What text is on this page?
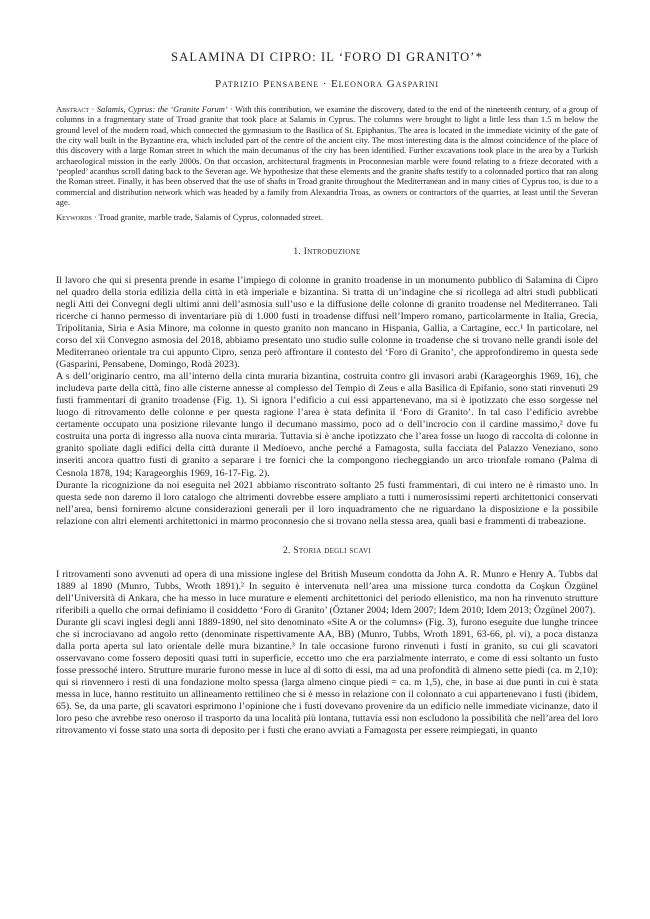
SALAMINA DI CIPRO: IL ‘FORO DI GRANITO’*
Patrizio Pensabene · Eleonora Gasparini
Abstract · Salamis, Cyprus: the ‘Granite Forum’ · With this contribution, we examine the discovery, dated to the end of the nineteenth century, of a group of columns in a fragmentary state of Troad granite that took place at Salamis in Cyprus. The columns were brought to light a little less than 1.5 m below the ground level of the modern road, which connected the gymnasium to the Basilica of St. Epiphanius. The area is located in the immediate vicinity of the gate of the city wall built in the Byzantine era, which included part of the centre of the ancient city. The most interesting data is the almost coincidence of the place of this discovery with a large Roman street in which the main decumanus of the city has been identified. Further excavations took place in the area by a Turkish archaeological mission in the early 2000s. On that occasion, architectural fragments in Proconnesian marble were found relating to a frieze decorated with a ‘peopled’ acanthus scroll dating back to the Severan age. We hypothesize that these elements and the granite shafts testify to a colonnaded portico that ran along the Roman street. Finally, it has been observed that the use of shafts in Troad granite throughout the Mediterranean and in many cities of Cyprus too, is due to a commercial and distribution network which was headed by a family from Alexandria Troas, as owners or contractors of the quarries, at least until the Severan age.
Keywords · Troad granite, marble trade, Salamis of Cyprus, colonnaded street.
1. Introduzione

Il lavoro che qui si presenta prende in esame l’impiego di colonne in granito troadense in un monumento pubblico di Salamina di Cipro nel quadro della storia edilizia della città in età imperiale e bizantina. Si tratta di un’indagine che si ricollega ad altri studi pubblicati negli Atti dei Convegni degli ultimi anni dell’asmosia sull’uso e la diffusione delle colonne di granito troadense nel Mediterraneo. Tali ricerche ci hanno permesso di inventariare più di 1.000 fusti in troadense diffusi nell’Impero romano, particolarmente in Italia, Grecia, Tripolitania, Siria e Asia Minore, ma colonne in questo granito non mancano in Hispania, Gallia, a Cartagine, ecc.¹ In particolare, nel corso del xii Convegno asmosia del 2018, abbiamo presentato uno studio sulle colonne in troadense che si trovano nelle grandi isole del Mediterraneo orientale tra cui appunto Cipro, senza però affrontare il contesto del ‘Foro di Granito’, che approfondiremo in questa sede (Gasparini, Pensabene, Domingo, Rodà 2023).

A s dell’originario centro, ma all’interno della cinta muraria bizantina, costruita contro gli invasori arabi (Karageorghis 1969, 16), che includeva parte della città, fino alle cisterne annesse al complesso del Tempio di Zeus e alla Basilica di Epifanio, sono stati rinvenuti 29 fusti frammentari di granito troadense (Fig. 1). Si ignora l’edificio a cui essi appartenevano, ma si è ipotizzato che esso sorgesse nel luogo di ritrovamento delle colonne e per questa ragione l’area è stata definita il ‘Foro di Granito’. In tal caso l’edificio avrebbe certamente occupato una posizione rilevante lungo il decumano massimo, poco ad o dell’incrocio con il cardine massimo,² dove fu costruita una porta di ingresso alla nuova cinta muraria. Tuttavia si è anche ipotizzato che l’area fosse un luogo di raccolta di colonne in granito spoliate dagli edifici della città durante il Medioevo, anche perché a Famagosta, sulla facciata del Palazzo Veneziano, sono inseriti ancora quattro fusti di granito a separare i tre fornici che la compongono riecheggiando un arco trionfale romano (Palma di Cesnola 1878, 194; Karageorghis 1969, 16-17-Fig. 2).

Durante la ricognizione da noi eseguita nel 2021 abbiamo riscontrato soltanto 25 fusti frammentari, di cui intero ne è rimasto uno. In questa sede non daremo il loro catalogo che altrimenti dovrebbe essere ampliato a tutti i numerosissimi reperti architettonici conservati nell’area, bensì forniremo alcune considerazioni generali per il loro inquadramento che ne riguardano la disposizione e la possibile relazione con altri elementi architettonici in marmo proconnesio che si trovano nella stessa area, quali basi e frammenti di trabeazione.

2. Storia degli scavi

I ritrovamenti sono avvenuti ad opera di una missione inglese del British Museum condotta da John A. R. Munro e Henry A. Tubbs dal 1889 al 1890 (Munro, Tubbs, Wroth 1891).² In seguito è intervenuta nell’area una missione turca condotta da Coşkun Özgünel dell’Università di Ankara, che ha messo in luce murature e elementi architettonici del periodo ellenistico, ma non ha rinvenuto strutture riferibili a quello che ormai definiamo il cosiddetto ‘Foro di Granito’ (Öztaner 2004; Idem 2007; Idem 2010; Idem 2013; Özgünel 2007).

Durante gli scavi inglesi degli anni 1889-1890, nel sito denominato «Site A or the columns» (Fig. 3), furono eseguite due lunghe trincee che si incrociavano ad angolo retto (denominate rispettivamente AA, BB) (Munro, Tubbs, Wroth 1891, 63-66, pl. vi), a poca distanza dalla porta aperta sul lato orientale delle mura bizantine.³ In tale occasione furono rinvenuti i fusti in granito, su cui gli scavatori osservavano come fossero depositi quasi tutti in superficie, eccetto uno che era parzialmente interrato, e come di essi soltanto un fusto fosse pressoché intero. Strutture murarie furono messe in luce al di sotto di essi, ma ad una profondità di almeno sette piedi (ca. m 2,10): qui si rinvennero i resti di una fondazione molto spessa (larga almeno cinque piedi = ca. m 1,5), che, in base ai due punti in cui è stata messa in luce, hanno restituito un allineamento rettilineo che si è messo in relazione con il colonnato a cui appartenevano i fusti (ibidem, 65). Se, da una parte, gli scavatori esprimono l’opinione che i fusti dovevano provenire da un edificio nelle immediate vicinanze, dato il loro peso che avrebbe reso oneroso il trasporto da una località più lontana, tuttavia essi non escludono la possibilità che nell’area del loro ritrovamento vi fosse stato una sorta di deposito per i fusti che erano avviati a Famagosta per essere reimpiegati, in quanto
